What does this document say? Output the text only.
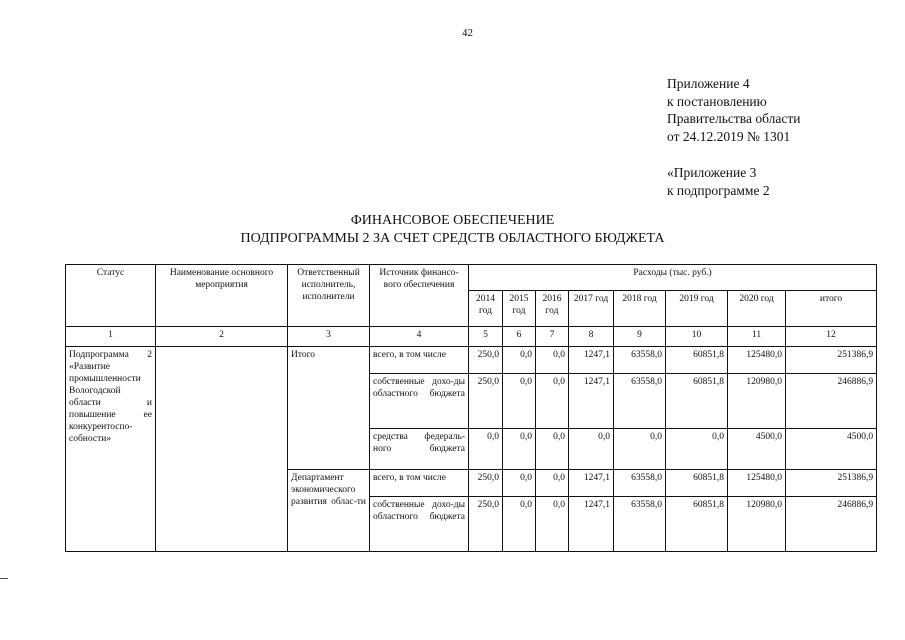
42
Приложение 4
к постановлению
Правительства области
от 24.12.2019 № 1301
«Приложение 3
к подпрограмме 2
ФИНАНСОВОЕ ОБЕСПЕЧЕНИЕ
ПОДПРОГРАММЫ 2 ЗА СЧЕТ СРЕДСТВ ОБЛАСТНОГО БЮДЖЕТА
Статус	Наименование основного мероприятия	Ответственный исполнитель, исполнители	Источник финансо-вого обеспечения	Расходы (тыс. руб.)							
				2014 год	2015 год	2016 год	2017 год	2018 год	2019 год	2020 год	итого
1	2	3	4	5	6	7	8	9	10	11	12
Подпрограмма 2 «Развитие промышленности Вологодской области и повышение ее конкурентоспо-собности»		Итого	всего, в том числе	250,0	0,0	0,0	1247,1	63558,0	60851,8	125480,0	251386,9
			собственные дохо-ды областного бюджета	250,0	0,0	0,0	1247,1	63558,0	60851,8	120980,0	246886,9
			средства федераль-ного бюджета	0,0	0,0	0,0	0,0	0,0	0,0	4500,0	4500,0
		Департамент экономического развития облас-ти	всего, в том числе	250,0	0,0	0,0	1247,1	63558,0	60851,8	125480,0	251386,9
			собственные дохо-ды областного бюджета	250,0	0,0	0,0	1247,1	63558,0	60851,8	120980,0	246886,9
